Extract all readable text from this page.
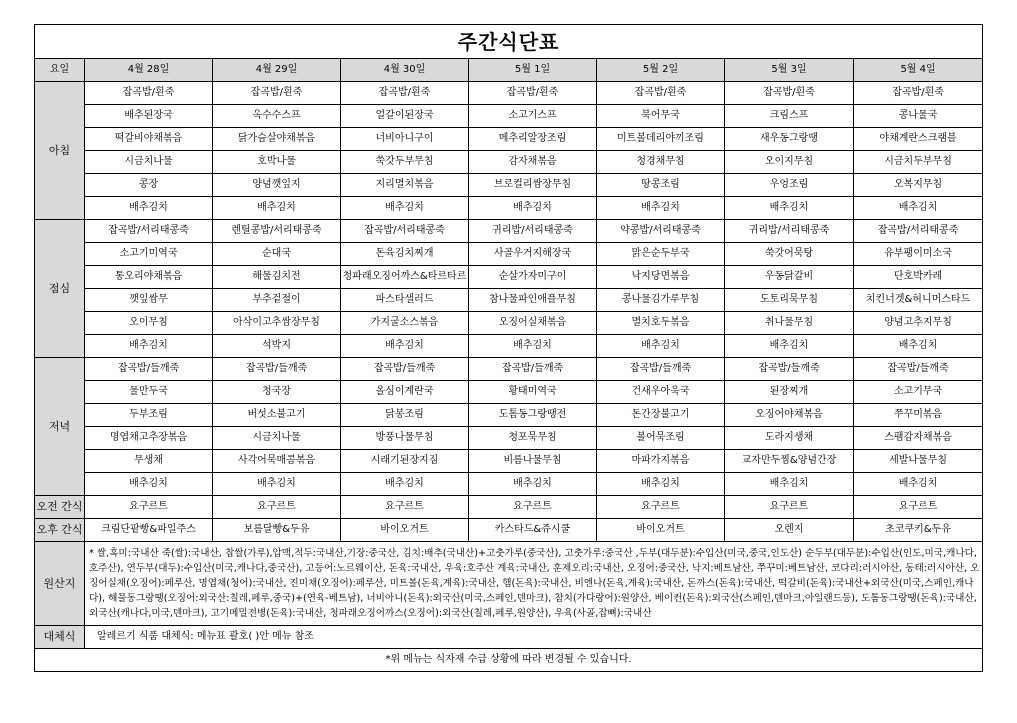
주간식단표							
요일	4월 28일	4월 29일	4월 30일	5월 1일	5월 2일	5월 3일	5월 4일
아침	잡곡밥/흰죽	잡곡밥/흰죽	잡곡밥/흰죽	잡곡밥/흰죽	잡곡밥/흰죽	잡곡밥/흰죽	잡곡밥/흰죽
	배추된장국	옥수수스프	얼갈이된장국	소고기스프	북어무국	크림스프	콩나물국
	떡갈비야채볶음	닭가슴살야채볶음	너비아니구이	메추리알장조림	미트볼데리야끼조림	새우동그랑땡	야채계란스크램블
	시금치나물	호박나물	쑥갓두부무침	감자채볶음	청경채무침	오이지무침	시금치두부무침
	콩장	양념깻잎지	지리멸치볶음	브로컬리쌈장무침	땅콩조림	우엉조림	오복지무침
	배추김치	배추김치	배추김치	배추김치	배추김치	배추김치	배추김치
점심	잡곡밥/서리태콩죽	렌틸콩밥/서리태콩죽	잡곡밥/서리태콩죽	귀리밥/서리태콩죽	약콩밥/서리태콩죽	귀리밥/서리태콩죽	잡곡밥/서리태콩죽
	소고기미역국	순대국	돈육김치찌개	사골우거지해장국	맑은순두부국	쑥갓어묵탕	유부팽이미소국
	통오리야채볶음	해물김치전	청파래오징어까스&타르타르	순살가자미구이	낙지당면볶음	우동닭갈비	단호박카레
	깻잎쌈무	부추겉절이	파스타샐러드	참나물파인애플무침	콩나물김가루무침	도토리묵무침	치킨너겟&허니머스타드
	오이무침	아삭이고추쌈장무침	가지굴소스볶음	오징어실채볶음	멸치호두볶음	취나물무침	양념고추지무침
	배추김치	석박지	배추김치	배추김치	배추김치	배추김치	배추김치
저녁	잡곡밥/들깨죽	잡곡밥/들깨죽	잡곡밥/들깨죽	잡곡밥/들깨죽	잡곡밥/들깨죽	잡곡밥/들깨죽	잡곡밥/들깨죽
	물만두국	청국장	올심이계란국	황태미역국	건새우아욱국	된장찌개	소고기무국
	두부조림	버섯소불고기	닭봉조림	도톰동그랑땡전	돈간장불고기	오징어야채볶음	쭈꾸미볶음
	명엽채고추장볶음	시금치나물	방풍나물무침	청포묵무침	볼어묵조림	도라지생채	스팸감자채볶음
	무생채	사각어묵매콤볶음	시래기된장지짐	비름나물무침	마파가지볶음	교자만두찜&양념간장	세발나물무침
	배추김치	배추김치	배추김치	배추김치	배추김치	배추김치	배추김치
오전 간식	요구르트	요구르트	요구르트	요구르트	요구르트	요구르트	요구르트
오후 간식	크림단팥빵&파일주스	보름달빵&두유	바이오거트	카스타드&쥬시쿨	바이오거트	오렌지	초코쿠키&두유
원산지	* 쌀,흑미:국내산 죽(쌀):국내산, 찹쌀(가루),압맥,적두:국내산,기장:중국산, 김치:배추(국내산)+고춧가루(중국산), 고춧가루:중국산 ,두부(대두분):수입산(미국,중국,인도산) 순두부(대두분):수입산(인도,미국,캐나다,호주산), 연두부(대두):수입산(미국,캐나다,중국산), 고등어:노르웨이산, 돈육:국내산, 우육:호주산 계육:국내산, 훈제오리:국내산, 오징어:중국산, 낙지:베트남산, 쭈꾸미:베트남산, 코다리:러시아산, 동태:러시아산, 오징어실채(오징어):페루산, 명엽채(청어):국내산, 진미채(오징어):페루산, 미트볼(돈육,계육):국내산, 햄(돈육):국내산, 비엔나(돈육,계육):국내산, 돈까스(돈육):국내산, 떡갈비(돈육):국내산+외국산(미국,스페인,캐나다), 해물동그랑땡(오징어:외국산:칠레,페루,중국)+(연육-베트남), 너비아니(돈육):외국산(미국,스페인,덴마크), 참치(가다랑어):원양산, 베이컨(돈육):외국산(스페인,덴마크,아일랜드등), 도톰동그랑땡(돈육):국내산,외국산(캐나다,미국,덴마크), 고기메밀전병(돈육):국내산, 청파래오징어까스(오징어):외국산(칠레,페루,원양산), 우육(사골,잡뼈):국내산						
대체식	알레르기 식품 대체식: 메뉴표 괄호( )안 메뉴 참조						
*위 메뉴는 식자재 수급 상황에 따라 변경될 수 있습니다.							
